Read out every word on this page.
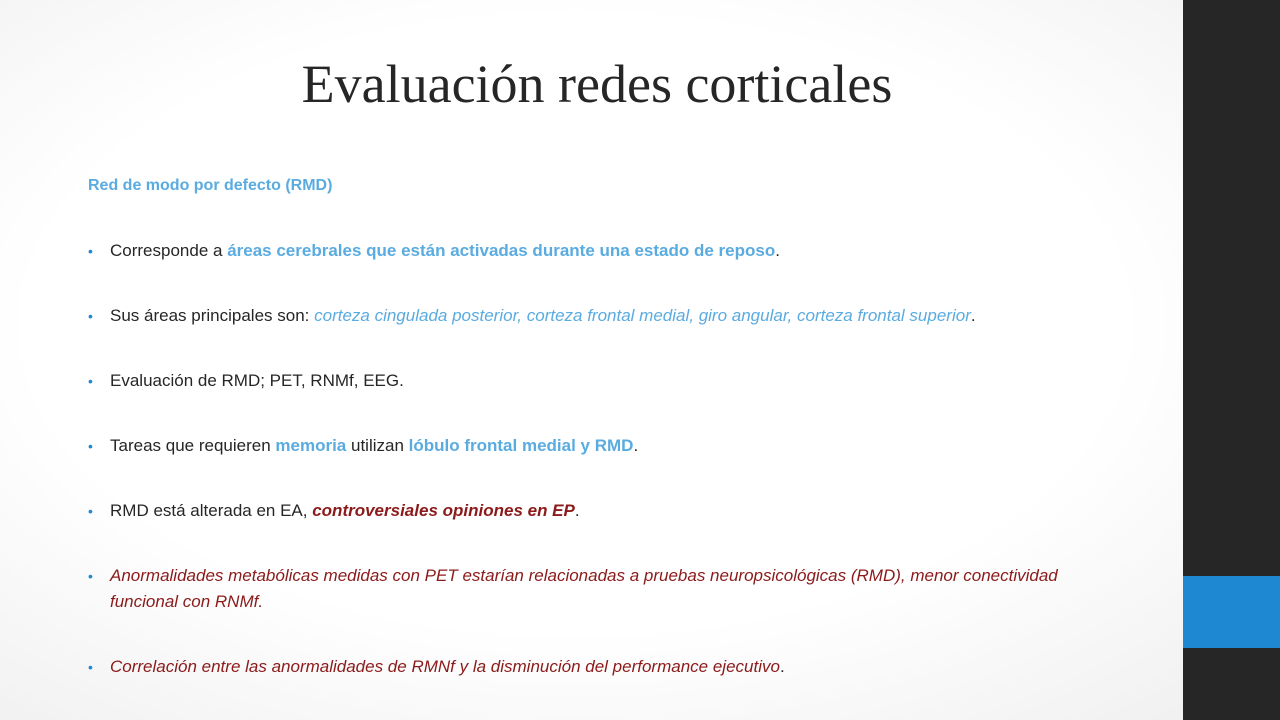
Evaluación redes corticales
Red de modo por defecto (RMD)
• Corresponde a áreas cerebrales que están activadas durante una estado de reposo.
• Sus áreas principales son: corteza cingulada posterior, corteza frontal medial, giro angular, corteza frontal superior.
• Evaluación de RMD; PET, RNMf, EEG.
• Tareas que requieren memoria utilizan lóbulo frontal medial y RMD.
• RMD está alterada en EA, controversiales opiniones en EP.
• Anormalidades metabólicas medidas con PET estarían relacionadas a pruebas neuropsicológicas (RMD), menor conectividad funcional con RNMf.
• Correlación entre las anormalidades de RMNf y la disminución del performance ejecutivo.
